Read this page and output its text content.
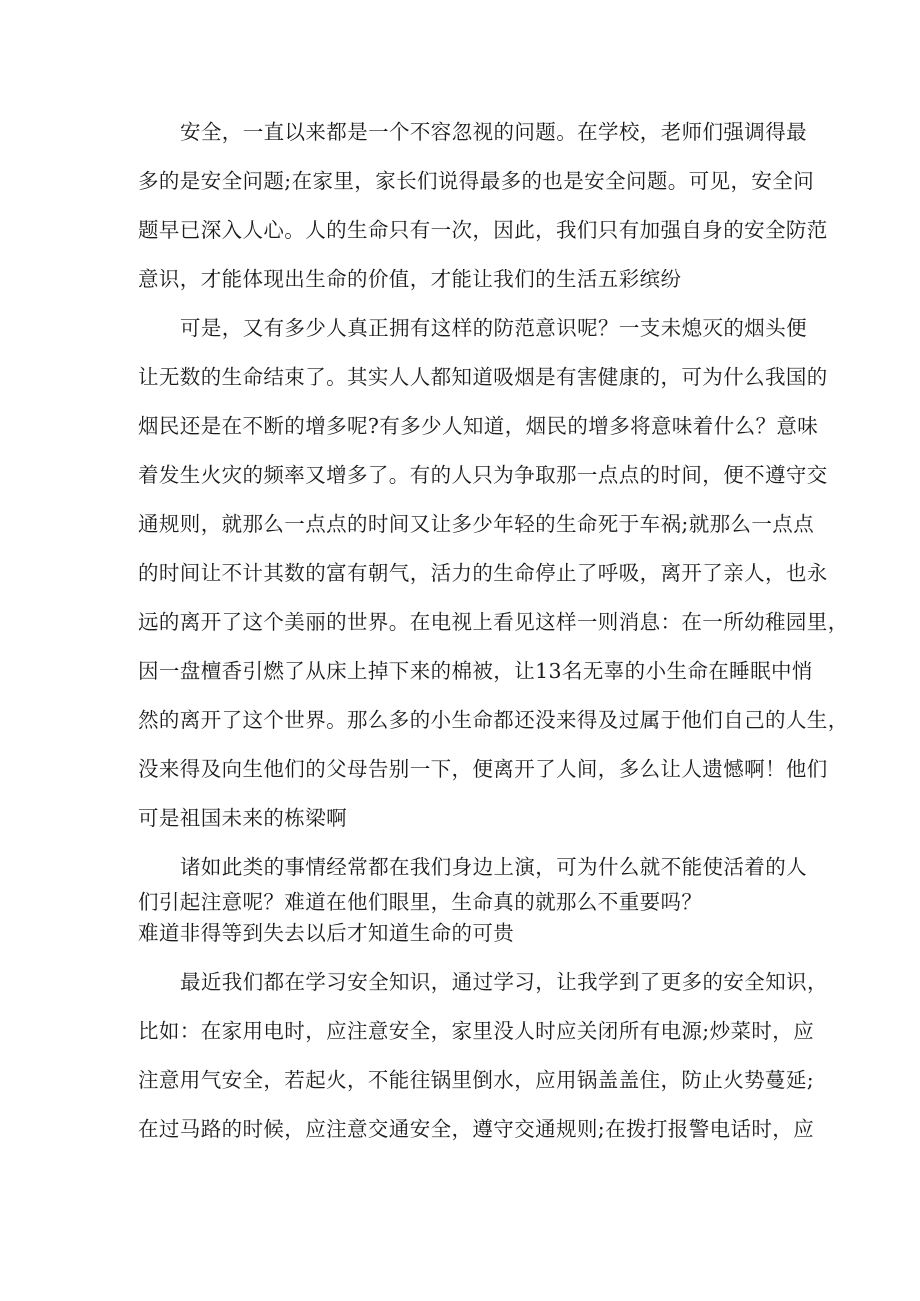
安全，一直以来都是一个不容忽视的问题。在学校，老师们强调得最
多的是安全问题;在家里，家长们说得最多的也是安全问题。可见，安全问
题早已深入人心。人的生命只有一次，因此，我们只有加强自身的安全防范
意识，才能体现出生命的价值，才能让我们的生活五彩缤纷
可是，又有多少人真正拥有这样的防范意识呢？一支未熄灭的烟头便
让无数的生命结束了。其实人人都知道吸烟是有害健康的，可为什么我国的
烟民还是在不断的增多呢?有多少人知道，烟民的增多将意味着什么？意味
着发生火灾的频率又增多了。有的人只为争取那一点点的时间，便不遵守交
通规则，就那么一点点的时间又让多少年轻的生命死于车祸;就那么一点点
的时间让不计其数的富有朝气，活力的生命停止了呼吸，离开了亲人，也永
远的离开了这个美丽的世界。在电视上看见这样一则消息：在一所幼稚园里，
因一盘檀香引燃了从床上掉下来的棉被，让13名无辜的小生命在睡眠中悄
然的离开了这个世界。那么多的小生命都还没来得及过属于他们自己的人生，
没来得及向生他们的父母告别一下，便离开了人间，多么让人遗憾啊！他们
可是祖国未来的栋梁啊
诸如此类的事情经常都在我们身边上演，可为什么就不能使活着的人
们引起注意呢？难道在他们眼里，生命真的就那么不重要吗？
难道非得等到失去以后才知道生命的可贵
最近我们都在学习安全知识，通过学习，让我学到了更多的安全知识，
比如：在家用电时，应注意安全，家里没人时应关闭所有电源;炒菜时，应
注意用气安全，若起火，不能往锅里倒水，应用锅盖盖住，防止火势蔓延;
在过马路的时候，应注意交通安全，遵守交通规则;在拨打报警电话时，应
